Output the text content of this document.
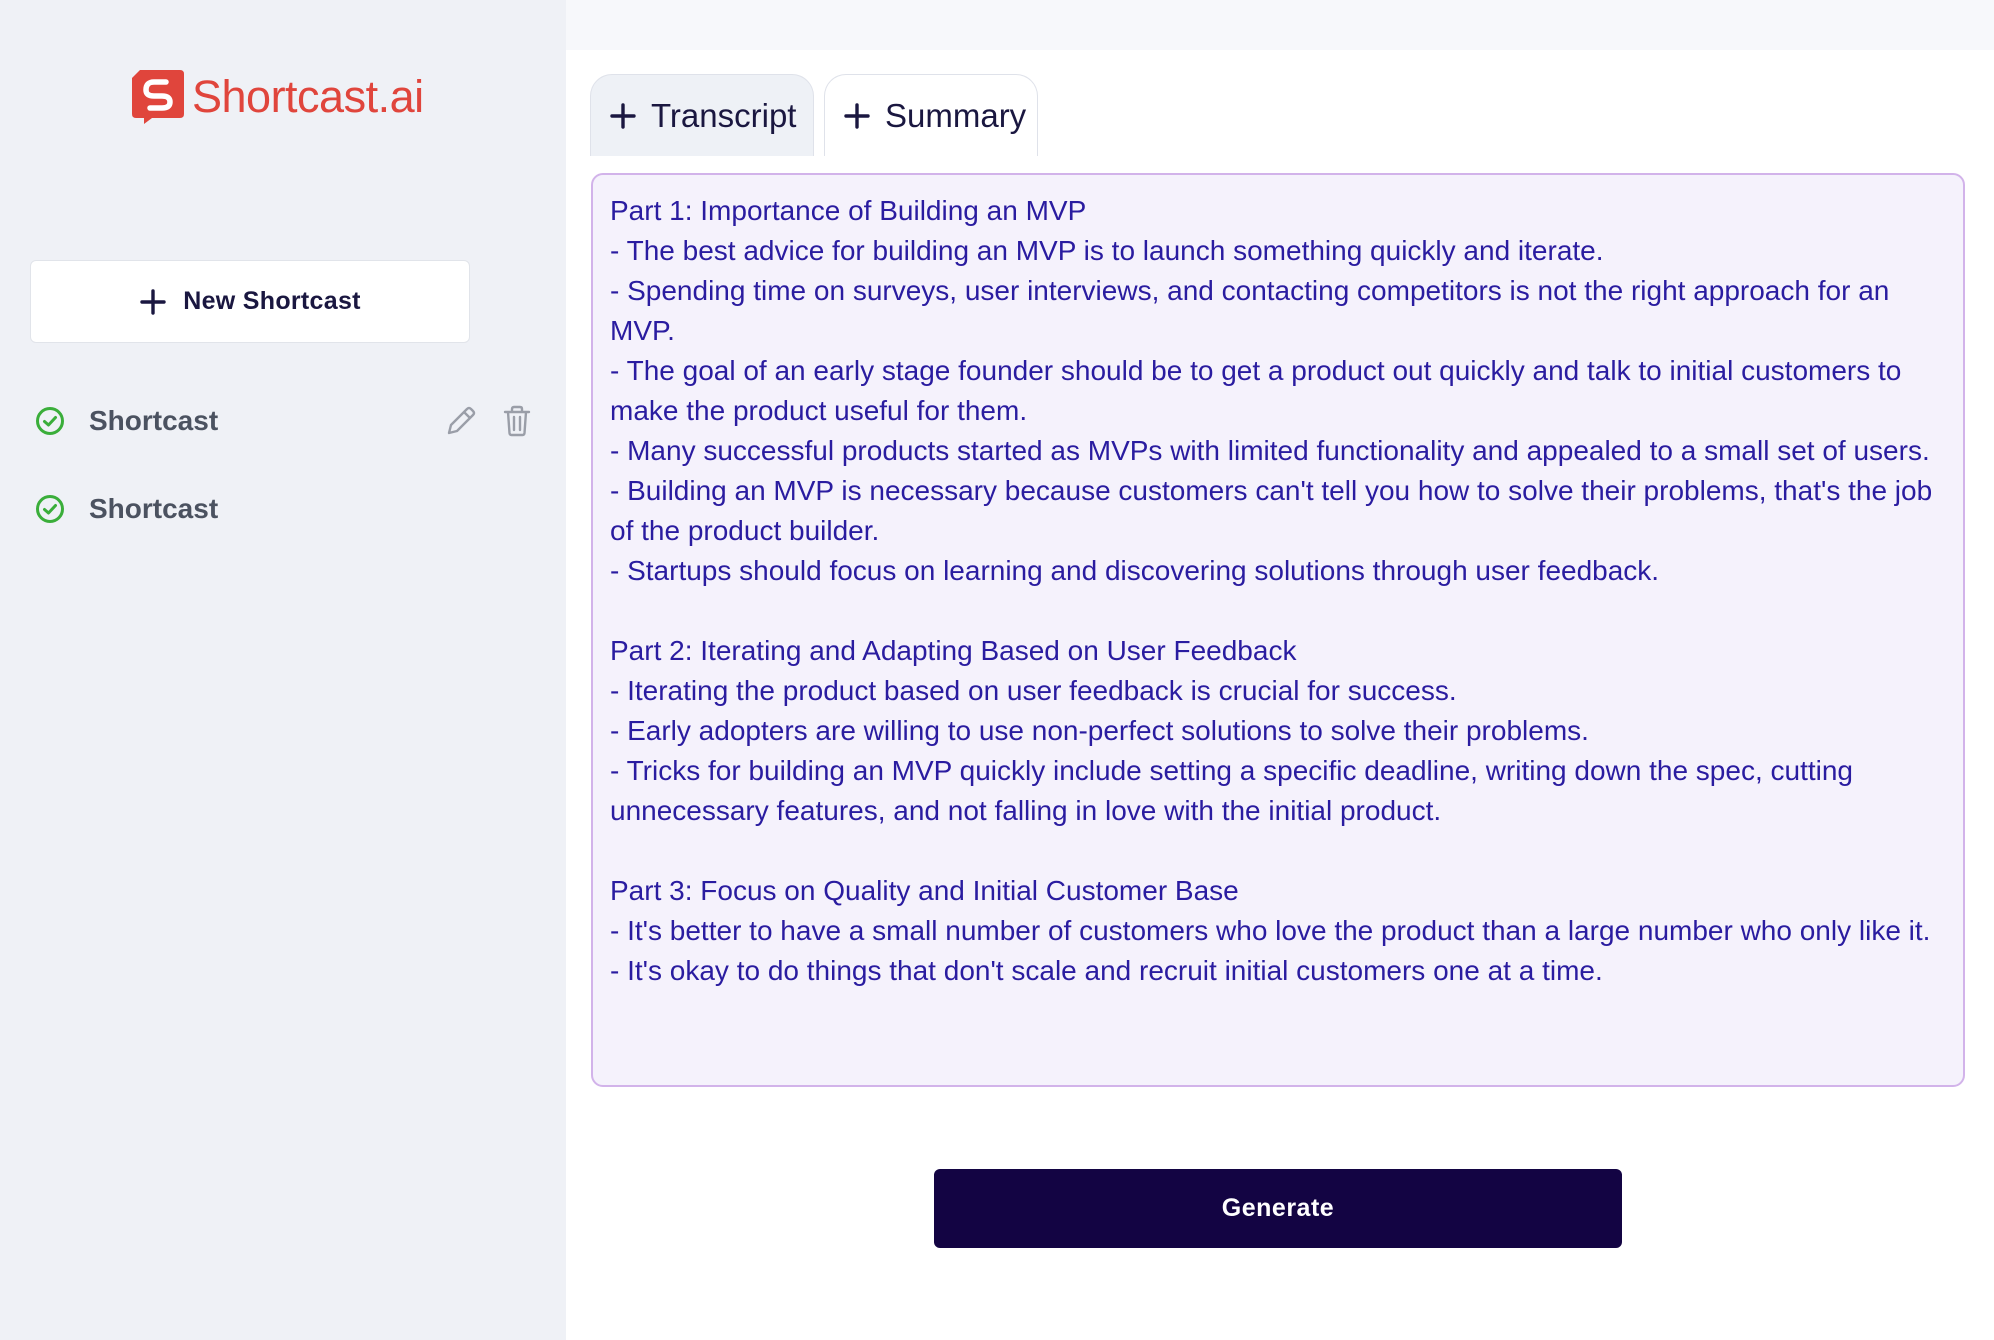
Shortcast.ai
New Shortcast
Shortcast
Shortcast
Transcript	Summary
Part 1: Importance of Building an MVP
- The best advice for building an MVP is to launch something quickly and iterate.
- Spending time on surveys, user interviews, and contacting competitors is not the right approach for an MVP.
- The goal of an early stage founder should be to get a product out quickly and talk to initial customers to make the product useful for them.
- Many successful products started as MVPs with limited functionality and appealed to a small set of users.
- Building an MVP is necessary because customers can't tell you how to solve their problems, that's the job of the product builder.
- Startups should focus on learning and discovering solutions through user feedback.

Part 2: Iterating and Adapting Based on User Feedback
- Iterating the product based on user feedback is crucial for success.
- Early adopters are willing to use non-perfect solutions to solve their problems.
- Tricks for building an MVP quickly include setting a specific deadline, writing down the spec, cutting unnecessary features, and not falling in love with the initial product.

Part 3: Focus on Quality and Initial Customer Base
- It's better to have a small number of customers who love the product than a large number who only like it.
- It's okay to do things that don't scale and recruit initial customers one at a time.
Generate
